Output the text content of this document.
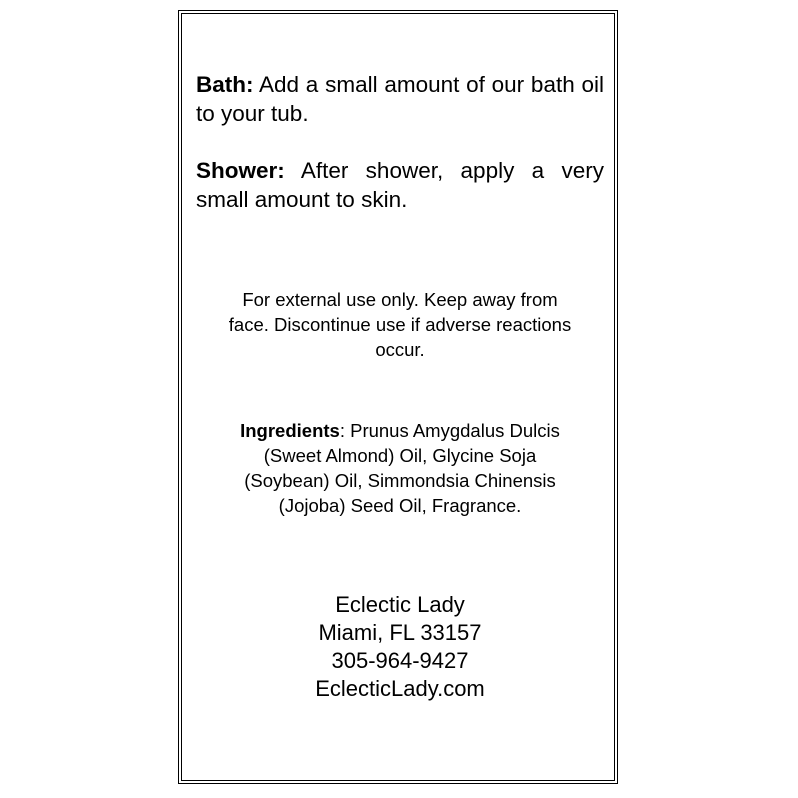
Bath: Add a small amount of our bath oil to your tub.

Shower: After shower, apply a very small amount to skin.

For external use only. Keep away from
face. Discontinue use if adverse reactions
occur.

Ingredients: Prunus Amygdalus Dulcis
(Sweet Almond) Oil, Glycine Soja
(Soybean) Oil, Simmondsia Chinensis
(Jojoba) Seed Oil, Fragrance.

Eclectic Lady
Miami, FL 33157
305-964-9427
EclecticLady.com
